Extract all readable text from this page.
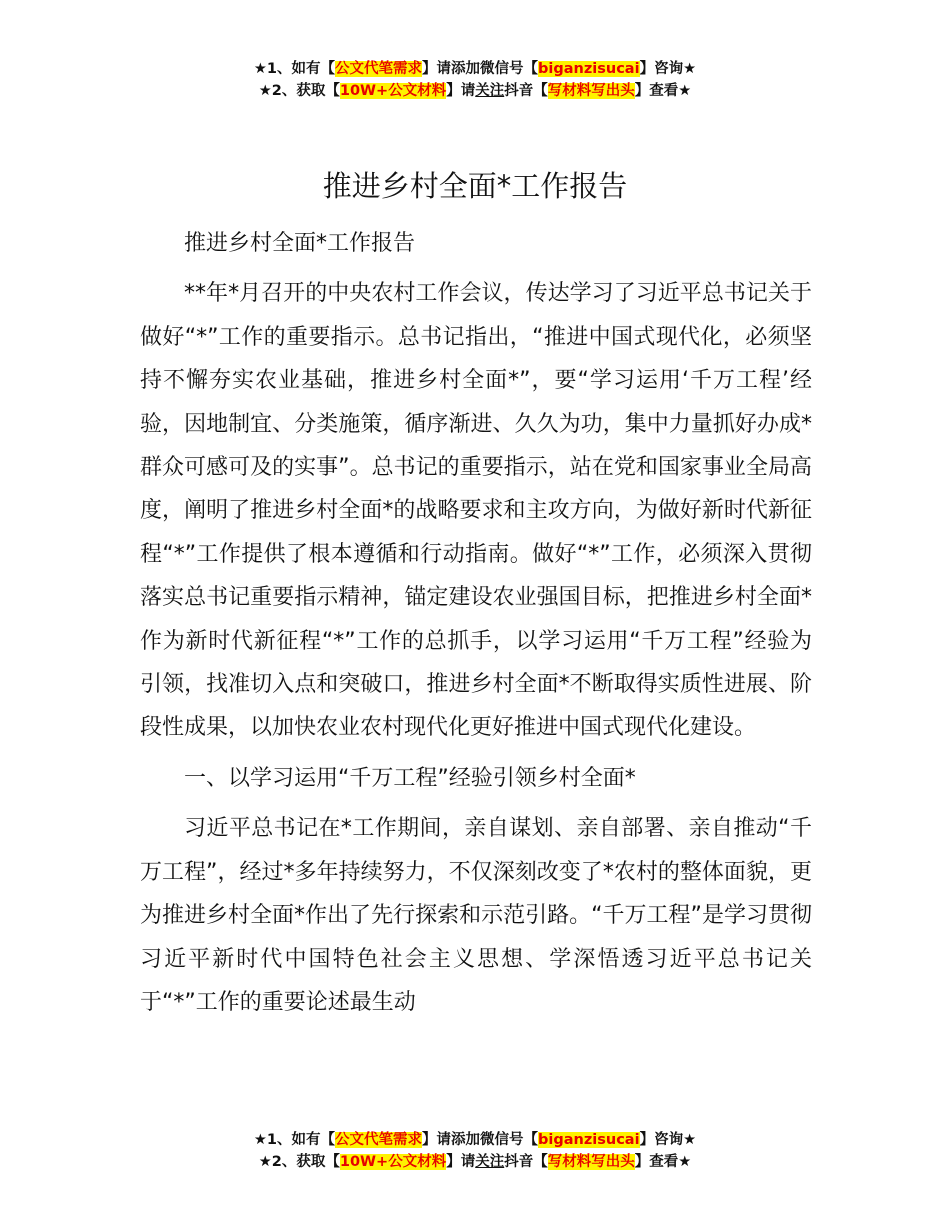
★1、如有【公文代笔需求】请添加微信号【biganzisucai】咨询★
★2、获取【10W+公文材料】请关注抖音【写材料写出头】查看★
推进乡村全面*工作报告

推进乡村全面*工作报告

**年*月召开的中央农村工作会议，传达学习了习近平总书记关于做好“*”工作的重要指示。总书记指出，“推进中国式现代化，必须坚持不懈夯实农业基础，推进乡村全面*”，要“学习运用‘千万工程’经验，因地制宜、分类施策，循序渐进、久久为功，集中力量抓好办成*群众可感可及的实事”。总书记的重要指示，站在党和国家事业全局高度，阐明了推进乡村全面*的战略要求和主攻方向，为做好新时代新征程“*”工作提供了根本遵循和行动指南。做好“*”工作，必须深入贯彻落实总书记重要指示精神，锚定建设农业强国目标，把推进乡村全面*作为新时代新征程“*”工作的总抓手，以学习运用“千万工程”经验为引领，找准切入点和突破口，推进乡村全面*不断取得实质性进展、阶段性成果，以加快农业农村现代化更好推进中国式现代化建设。

一、以学习运用“千万工程”经验引领乡村全面*

习近平总书记在*工作期间，亲自谋划、亲自部署、亲自推动“千万工程”，经过*多年持续努力，不仅深刻改变了*农村的整体面貌，更为推进乡村全面*作出了先行探索和示范引路。“千万工程”是学习贯彻习近平新时代中国特色社会主义思想、学深悟透习近平总书记关于“*”工作的重要论述最生动

★1、如有【公文代笔需求】请添加微信号【biganzisucai】咨询★
★2、获取【10W+公文材料】请关注抖音【写材料写出头】查看★
